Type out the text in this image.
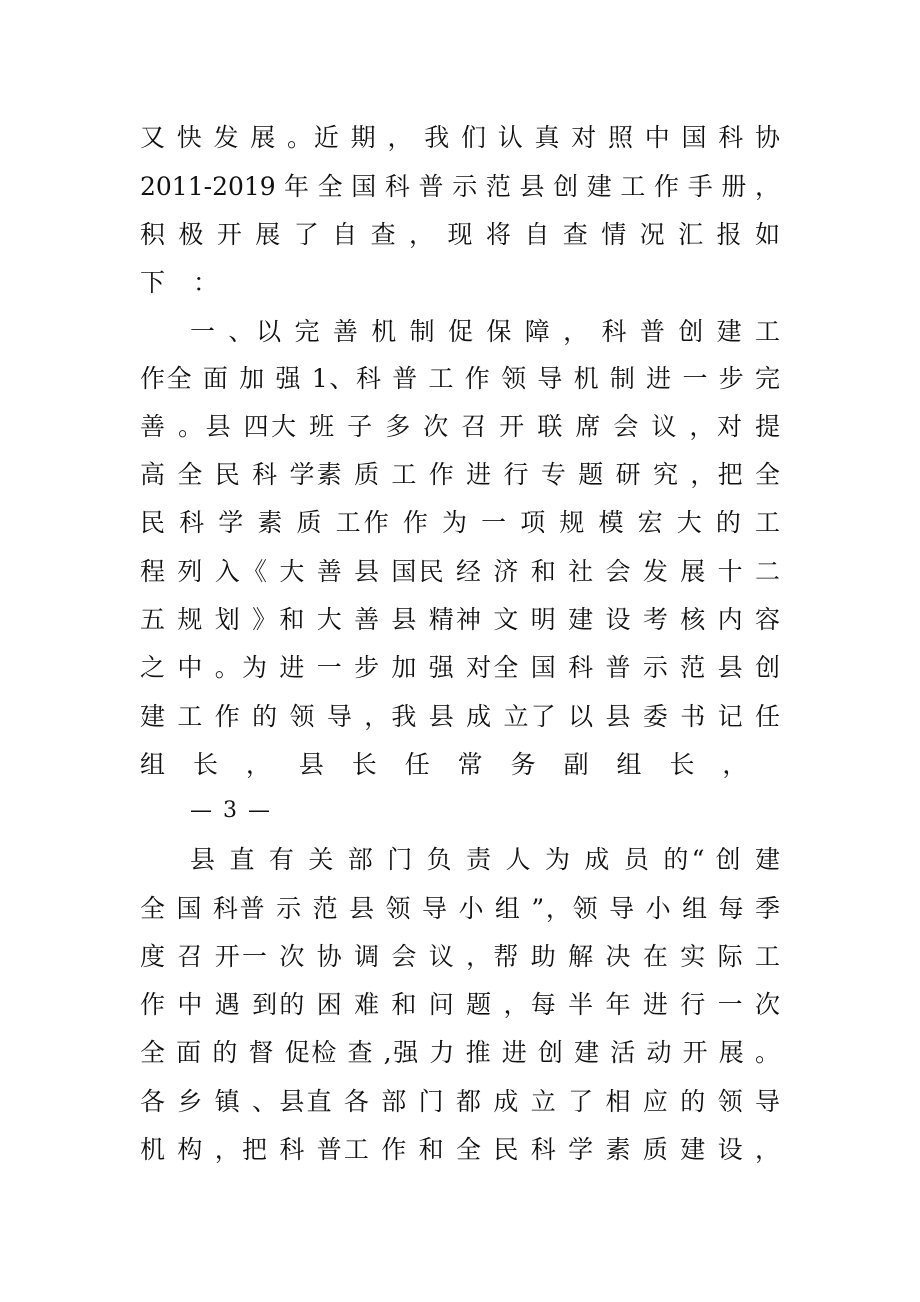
又 快 发 展 。近 期 ， 我 们 认 真 对 照 中 国 科 协
2011-2019 年 全 国 科 普 示 范 县 创 建 工 作 手 册 ，
积 极 开 展 了 自 查 ， 现 将 自 查 情 况 汇 报 如
下 ：
一 、以 完 善 机 制 促 保 障 ， 科 普 创 建 工
作全 面 加 强 1、科 普 工 作 领 导 机 制 进 一 步 完
善 。县 四大 班 子 多 次 召 开 联 席 会 议 ，对 提
高 全 民 科 学素 质 工 作 进 行 专 题 研 究 ，把 全
民 科 学 素 质 工作 作 为 一 项 规 模 宏 大 的 工
程 列 入《 大 善 县 国民 经 济 和 社 会 发 展 十 二
五 规 划 》和 大 善 县 精神 文 明 建 设 考 核 内 容
之 中 。为 进 一 步 加 强 对全 国 科 普 示 范 县 创
建 工 作 的 领 导 ，我 县 成 立了 以 县 委 书 记 任
组 长 ， 县 长 任 常 务 副 组 长 ，
— 3 —
县 直 有 关 部 门 负 责 人 为 成 员 的“ 创 建
全 国 科普 示 范 县 领 导 小 组 ”，领 导 小 组 每 季
度 召 开一 次 协 调 会 议 ，帮 助 解 决 在 实 际 工
作 中 遇 到的 困 难 和 问 题 ，每 半 年 进 行 一 次
全 面 的 督 促检 查 ,强 力 推 进 创 建 活 动 开 展 。
各 乡 镇 、县直 各 部 门 都 成 立 了 相 应 的 领 导
机 构 ，把 科 普工 作 和 全 民 科 学 素 质 建 设 ，
